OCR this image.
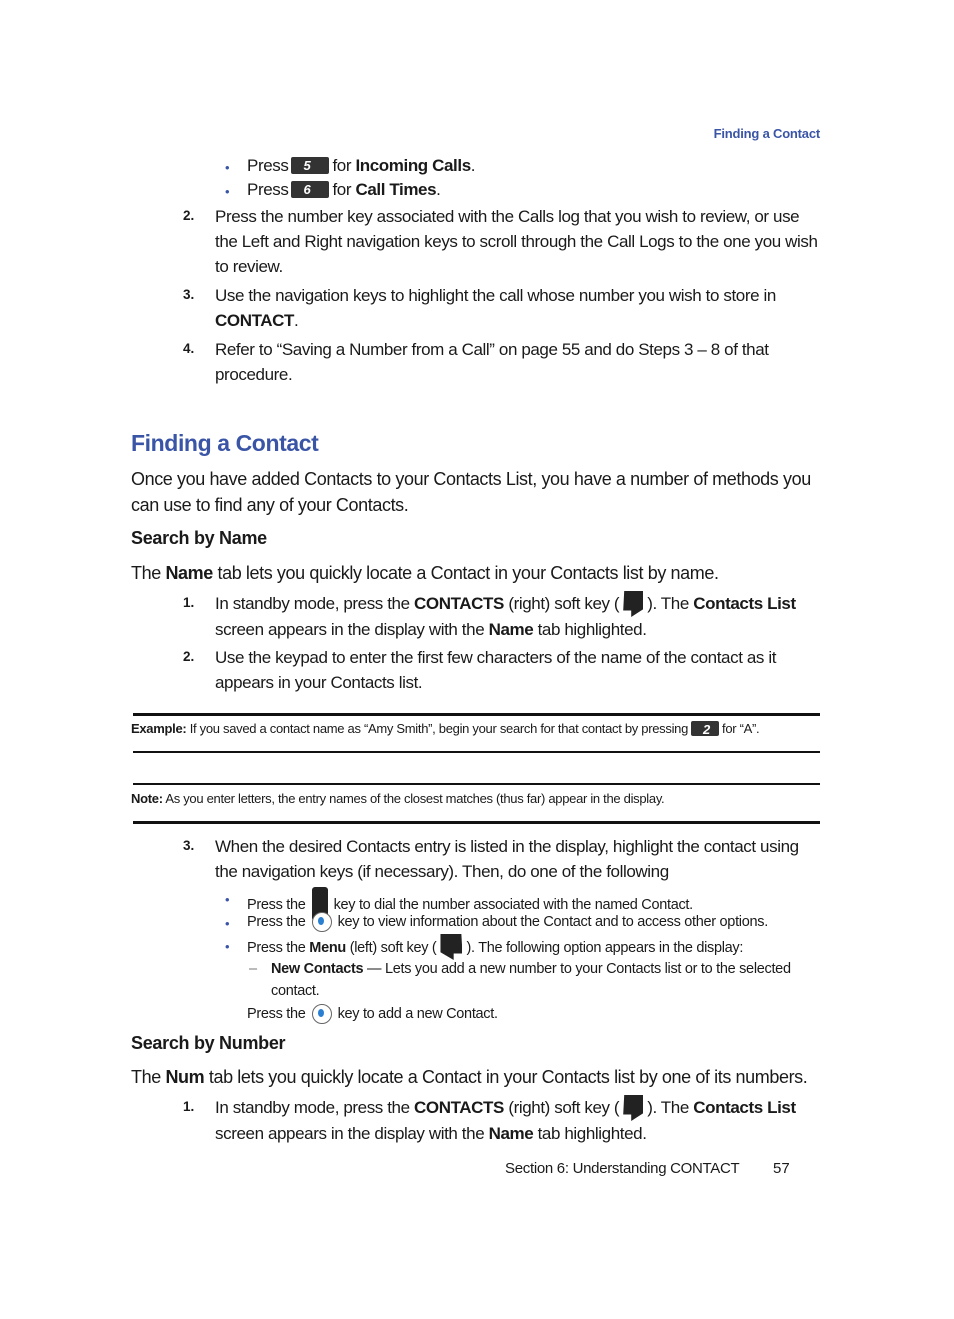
Finding a Contact
• Press 5	for Incoming Calls.
• Press 6	for Call Times.
2. Press the number key associated with the Calls log that you wish to review, or use the Left and Right navigation keys to scroll through the Call Logs to the one you wish to review.
3. Use the navigation keys to highlight the call whose number you wish to store in CONTACT.
4. Refer to “Saving a Number from a Call” on page 55 and do Steps 3 – 8 of that procedure.
Finding a Contact
Once you have added Contacts to your Contacts List, you have a number of methods you can use to find any of your Contacts.
Search by Name
The Name tab lets you quickly locate a Contact in your Contacts list by name.
1. In standby mode, press the CONTACTS (right) soft key ( ). The Contacts List
screen appears in the display with the Name tab highlighted.
2. Use the keypad to enter the first few characters of the name of the contact as it appears in your Contacts list.
Example: If you saved a contact name as “Amy Smith”, begin your search for that contact by pressing 2	for “A”.
Note: As you enter letters, the entry names of the closest matches (thus far) appear in the display.
3. When the desired Contacts entry is listed in the display, highlight the contact using the navigation keys (if necessary). Then, do one of the following
• Press the key to dial the number associated with the named Contact.
• Press the key to view information about the Contact and to access other options.
• Press the Menu (left) soft key ( ). The following option appears in the display:
– New Contacts — Lets you add a new number to your Contacts list or to the selected contact.
Press the key to add a new Contact.
Search by Number
The Num tab lets you quickly locate a Contact in your Contacts list by one of its numbers.
1. In standby mode, press the CONTACTS (right) soft key ( ). The Contacts List
screen appears in the display with the Name tab highlighted.
Section 6: Understanding CONTACT 57
